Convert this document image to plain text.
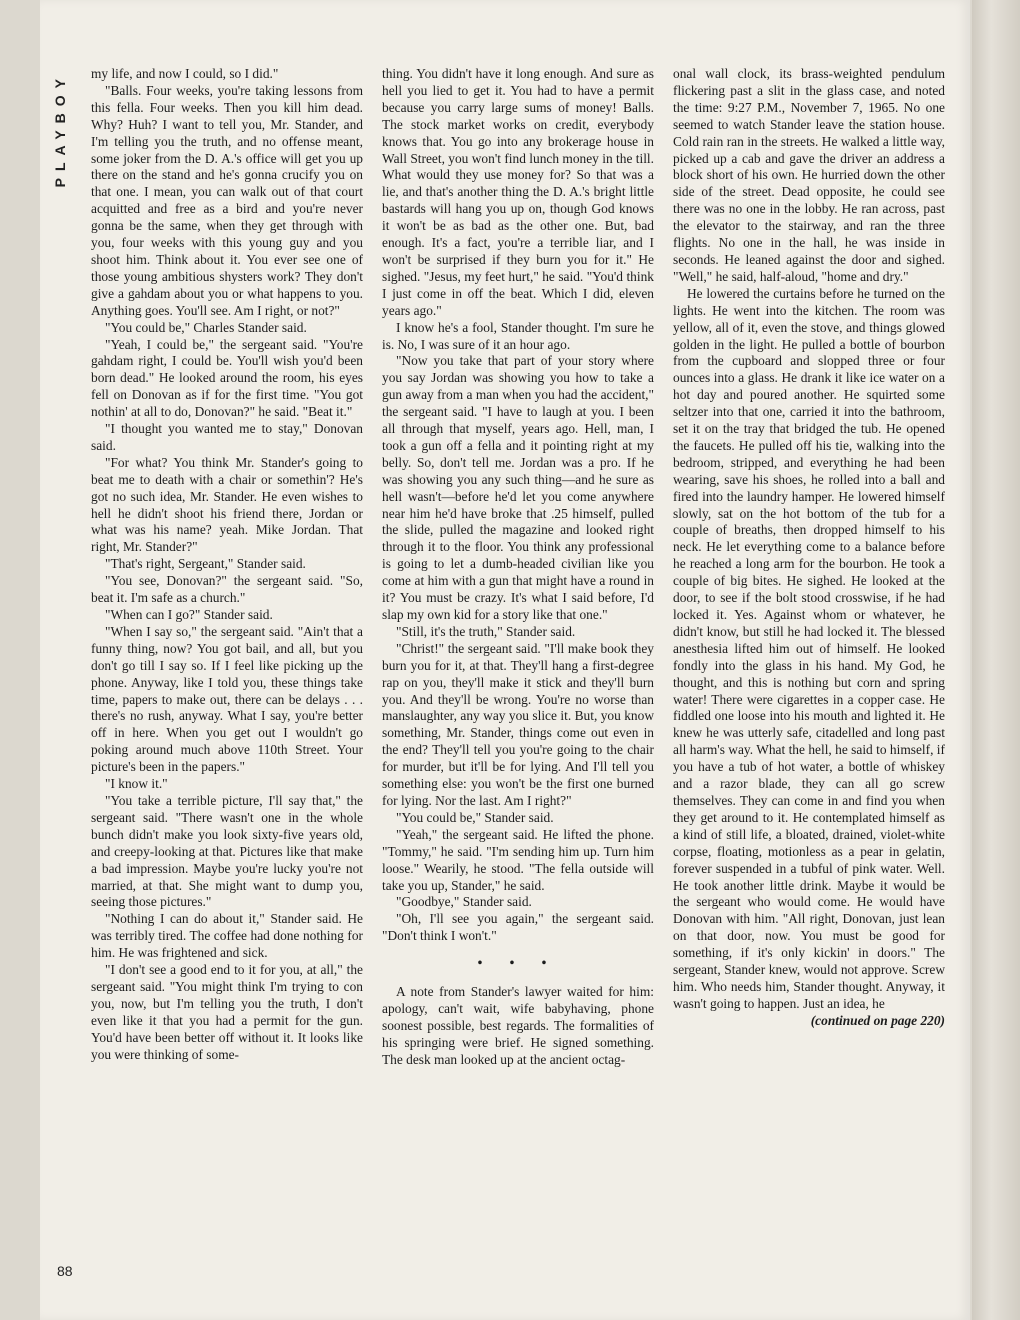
PLAYBOY
88

my life, and now I could, so I did."

"Balls. Four weeks, you're taking lessons from this fella. Four weeks. Then you kill him dead. Why? Huh? I want to tell you, Mr. Stander, and I'm telling you the truth, and no offense meant, some joker from the D. A.'s office will get you up there on the stand and he's gonna crucify you on that one. I mean, you can walk out of that court acquitted and free as a bird and you're never gonna be the same, when they get through with you, four weeks with this young guy and you shoot him. Think about it. You ever see one of those young ambitious shysters work? They don't give a gahdam about you or what happens to you. Anything goes. You'll see. Am I right, or not?"

"You could be," Charles Stander said.

"Yeah, I could be," the sergeant said. "You're gahdam right, I could be. You'll wish you'd been born dead." He looked around the room, his eyes fell on Donovan as if for the first time. "You got nothin' at all to do, Donovan?" he said. "Beat it."

"I thought you wanted me to stay," Donovan said.

"For what? You think Mr. Stander's going to beat me to death with a chair or somethin'? He's got no such idea, Mr. Stander. He even wishes to hell he didn't shoot his friend there, Jordan or what was his name? yeah. Mike Jordan. That right, Mr. Stander?"

"That's right, Sergeant," Stander said.

"You see, Donovan?" the sergeant said. "So, beat it. I'm safe as a church."

"When can I go?" Stander said.

"When I say so," the sergeant said. "Ain't that a funny thing, now? You got bail, and all, but you don't go till I say so. If I feel like picking up the phone. Anyway, like I told you, these things take time, papers to make out, there can be delays . . . there's no rush, anyway. What I say, you're better off in here. When you get out I wouldn't go poking around much above 110th Street. Your picture's been in the papers."

"I know it."

"You take a terrible picture, I'll say that," the sergeant said. "There wasn't one in the whole bunch didn't make you look sixty-five years old, and creepy-looking at that. Pictures like that make a bad impression. Maybe you're lucky you're not married, at that. She might want to dump you, seeing those pictures."

"Nothing I can do about it," Stander said. He was terribly tired. The coffee had done nothing for him. He was frightened and sick.

"I don't see a good end to it for you, at all," the sergeant said. "You might think I'm trying to con you, now, but I'm telling you the truth, I don't even like it that you had a permit for the gun. You'd have been better off without it. It looks like you were thinking of some-

thing. You didn't have it long enough. And sure as hell you lied to get it. You had to have a permit because you carry large sums of money! Balls. The stock market works on credit, everybody knows that. You go into any brokerage house in Wall Street, you won't find lunch money in the till. What would they use money for? So that was a lie, and that's another thing the D. A.'s bright little bastards will hang you up on, though God knows it won't be as bad as the other one. But, bad enough. It's a fact, you're a terrible liar, and I won't be surprised if they burn you for it." He sighed. "Jesus, my feet hurt," he said. "You'd think I just come in off the beat. Which I did, eleven years ago."

I know he's a fool, Stander thought. I'm sure he is. No, I was sure of it an hour ago.

"Now you take that part of your story where you say Jordan was showing you how to take a gun away from a man when you had the accident," the sergeant said. "I have to laugh at you. I been all through that myself, years ago. Hell, man, I took a gun off a fella and it pointing right at my belly. So, don't tell me. Jordan was a pro. If he was showing you any such thing—and he sure as hell wasn't—before he'd let you come anywhere near him he'd have broke that .25 himself, pulled the slide, pulled the magazine and looked right through it to the floor. You think any professional is going to let a dumb-headed civilian like you come at him with a gun that might have a round in it? You must be crazy. It's what I said before, I'd slap my own kid for a story like that one."

"Still, it's the truth," Stander said.

"Christ!" the sergeant said. "I'll make book they burn you for it, at that. They'll hang a first-degree rap on you, they'll make it stick and they'll burn you. And they'll be wrong. You're no worse than manslaughter, any way you slice it. But, you know something, Mr. Stander, things come out even in the end? They'll tell you you're going to the chair for murder, but it'll be for lying. And I'll tell you something else: you won't be the first one burned for lying. Nor the last. Am I right?"

"You could be," Stander said.

"Yeah," the sergeant said. He lifted the phone. "Tommy," he said. "I'm sending him up. Turn him loose." Wearily, he stood. "The fella outside will take you up, Stander," he said.

"Goodbye," Stander said.

"Oh, I'll see you again," the sergeant said. "Don't think I won't."

• • •

A note from Stander's lawyer waited for him: apology, can't wait, wife babyhaving, phone soonest possible, best regards. The formalities of his springing were brief. He signed something. The desk man looked up at the ancient octag-

onal wall clock, its brass-weighted pendulum flickering past a slit in the glass case, and noted the time: 9:27 P.M., November 7, 1965. No one seemed to watch Stander leave the station house. Cold rain ran in the streets. He walked a little way, picked up a cab and gave the driver an address a block short of his own. He hurried down the other side of the street. Dead opposite, he could see there was no one in the lobby. He ran across, past the elevator to the stairway, and ran the three flights. No one in the hall, he was inside in seconds. He leaned against the door and sighed. "Well," he said, half-aloud, "home and dry."

He lowered the curtains before he turned on the lights. He went into the kitchen. The room was yellow, all of it, even the stove, and things glowed golden in the light. He pulled a bottle of bourbon from the cupboard and slopped three or four ounces into a glass. He drank it like ice water on a hot day and poured another. He squirted some seltzer into that one, carried it into the bathroom, set it on the tray that bridged the tub. He opened the faucets. He pulled off his tie, walking into the bedroom, stripped, and everything he had been wearing, save his shoes, he rolled into a ball and fired into the laundry hamper. He lowered himself slowly, sat on the hot bottom of the tub for a couple of breaths, then dropped himself to his neck. He let everything come to a balance before he reached a long arm for the bourbon. He took a couple of big bites. He sighed. He looked at the door, to see if the bolt stood crosswise, if he had locked it. Yes. Against whom or whatever, he didn't know, but still he had locked it. The blessed anesthesia lifted him out of himself. He looked fondly into the glass in his hand. My God, he thought, and this is nothing but corn and spring water! There were cigarettes in a copper case. He fiddled one loose into his mouth and lighted it. He knew he was utterly safe, citadelled and long past all harm's way. What the hell, he said to himself, if you have a tub of hot water, a bottle of whiskey and a razor blade, they can all go screw themselves. They can come in and find you when they get around to it. He contemplated himself as a kind of still life, a bloated, drained, violet-white corpse, floating, motionless as a pear in gelatin, forever suspended in a tubful of pink water. Well. He took another little drink. Maybe it would be the sergeant who would come. He would have Donovan with him. "All right, Donovan, just lean on that door, now. You must be good for something, if it's only kickin' in doors." The sergeant, Stander knew, would not approve. Screw him. Who needs him, Stander thought. Anyway, it wasn't going to happen. Just an idea, he

(continued on page 220)
